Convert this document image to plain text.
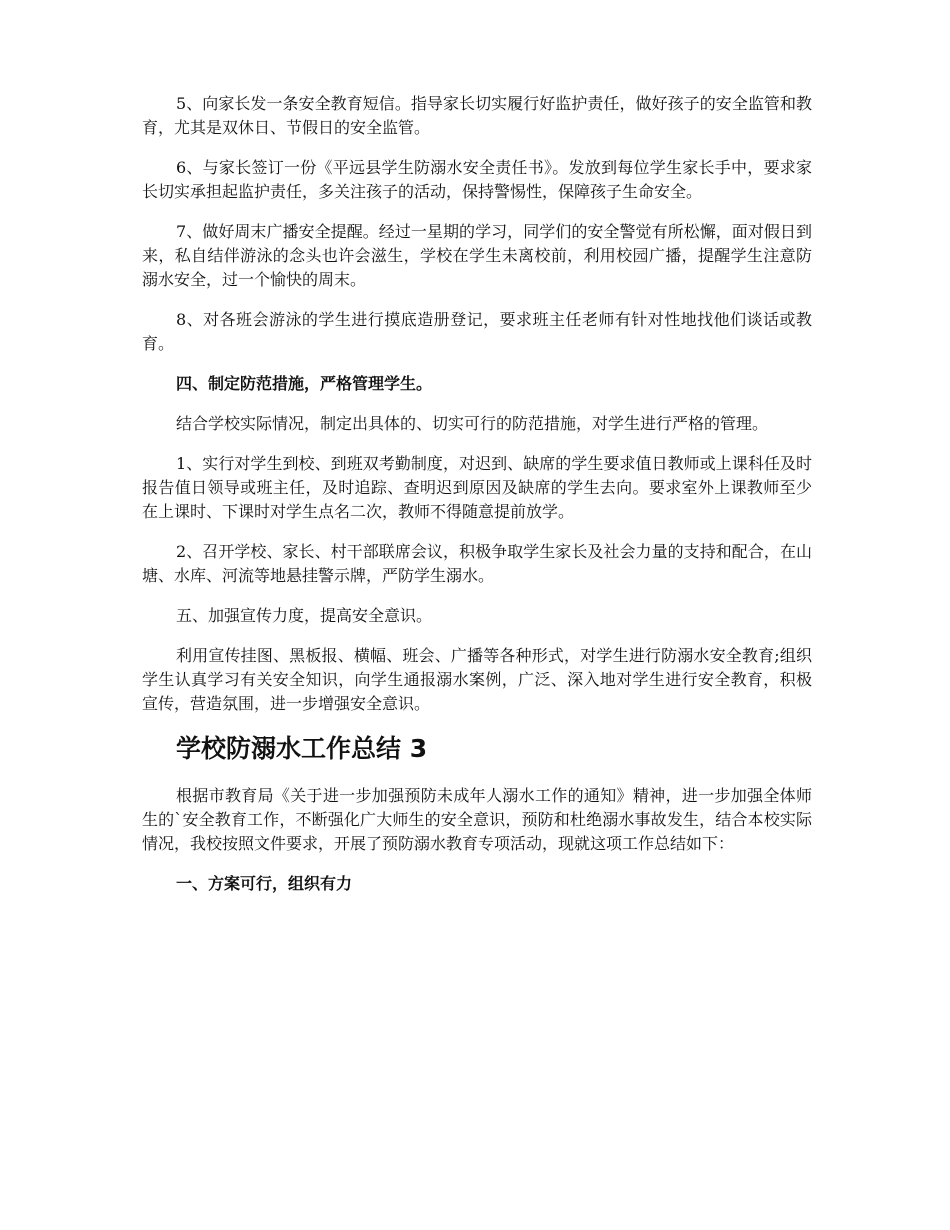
5、向家长发一条安全教育短信。指导家长切实履行好监护责任，做好孩子的安全监管和教育，尤其是双休日、节假日的安全监管。

6、与家长签订一份《平远县学生防溺水安全责任书》。发放到每位学生家长手中，要求家长切实承担起监护责任，多关注孩子的活动，保持警惕性，保障孩子生命安全。

7、做好周末广播安全提醒。经过一星期的学习，同学们的安全警觉有所松懈，面对假日到来，私自结伴游泳的念头也许会滋生，学校在学生未离校前，利用校园广播，提醒学生注意防溺水安全，过一个愉快的周末。

8、对各班会游泳的学生进行摸底造册登记，要求班主任老师有针对性地找他们谈话或教育。

四、制定防范措施，严格管理学生。

结合学校实际情况，制定出具体的、切实可行的防范措施，对学生进行严格的管理。

1、实行对学生到校、到班双考勤制度，对迟到、缺席的学生要求值日教师或上课科任及时报告值日领导或班主任，及时追踪、查明迟到原因及缺席的学生去向。要求室外上课教师至少在上课时、下课时对学生点名二次，教师不得随意提前放学。

2、召开学校、家长、村干部联席会议，积极争取学生家长及社会力量的支持和配合，在山塘、水库、河流等地悬挂警示牌，严防学生溺水。

五、加强宣传力度，提高安全意识。

利用宣传挂图、黑板报、横幅、班会、广播等各种形式，对学生进行防溺水安全教育;组织学生认真学习有关安全知识，向学生通报溺水案例，广泛、深入地对学生进行安全教育，积极宣传，营造氛围，进一步增强安全意识。

学校防溺水工作总结 3

根据市教育局《关于进一步加强预防未成年人溺水工作的通知》精神，进一步加强全体师生的`安全教育工作，不断强化广大师生的安全意识，预防和杜绝溺水事故发生，结合本校实际情况，我校按照文件要求，开展了预防溺水教育专项活动，现就这项工作总结如下：

一、方案可行，组织有力
